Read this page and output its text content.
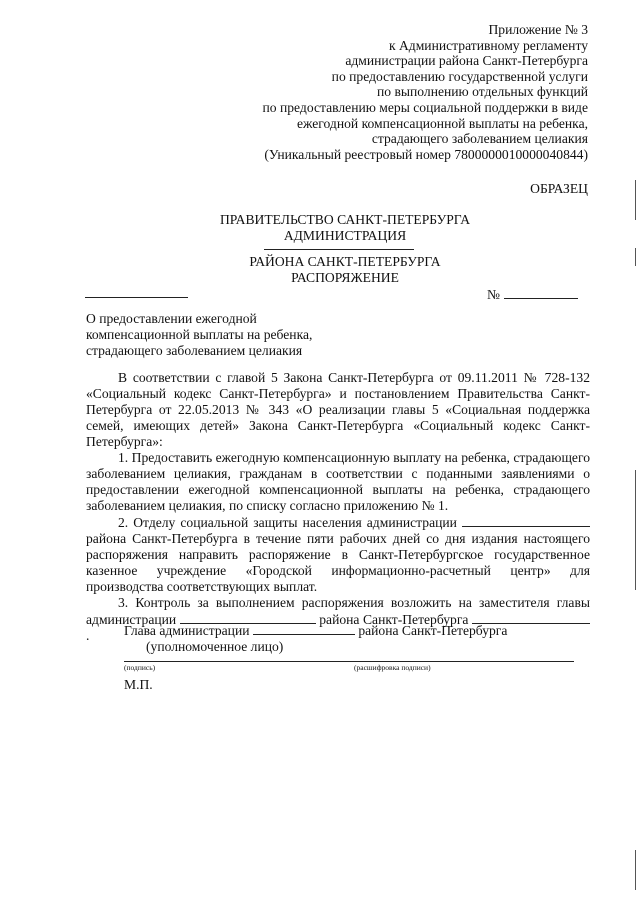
Приложение № 3
к Административному регламенту
администрации района Санкт-Петербурга
по предоставлению государственной услуги
по выполнению отдельных функций
по предоставлению меры социальной поддержки в виде
ежегодной компенсационной выплаты на ребенка,
страдающего заболеванием целиакия
(Уникальный реестровый номер 7800000010000040844)
ОБРАЗЕЦ
ПРАВИТЕЛЬСТВО САНКТ-ПЕТЕРБУРГА
АДМИНИСТРАЦИЯ
РАЙОНА САНКТ-ПЕТЕРБУРГА
РАСПОРЯЖЕНИЕ
№
О предоставлении ежегодной
компенсационной выплаты на ребенка,
страдающего заболеванием целиакия

В соответствии с главой 5 Закона Санкт-Петербурга от 09.11.2011 № 728-132 «Социальный кодекс Санкт-Петербурга» и постановлением Правительства Санкт-Петербурга от 22.05.2013 № 343 «О реализации главы 5 «Социальная поддержка семей, имеющих детей» Закона Санкт-Петербурга «Социальный кодекс Санкт-Петербурга»:

1. Предоставить ежегодную компенсационную выплату на ребенка, страдающего заболеванием целиакия, гражданам в соответствии с поданными заявлениями о предоставлении ежегодной компенсационной выплаты на ребенка, страдающего заболеванием целиакия, по списку согласно приложению № 1.

2. Отделу социальной защиты населения администрации  района Санкт-Петербурга в течение пяти рабочих дней со дня издания настоящего распоряжения направить распоряжение в Санкт-Петербургское государственное казенное учреждение «Городской информационно-расчетный центр» для производства соответствующих выплат.

3. Контроль за выполнением распоряжения возложить на заместителя главы администрации	района Санкт-Петербурга .	Глава администрации	района Санкт-Петербурга
(уполномоченное лицо)
(подпись)	(расшифровка подписи)
М.П.
